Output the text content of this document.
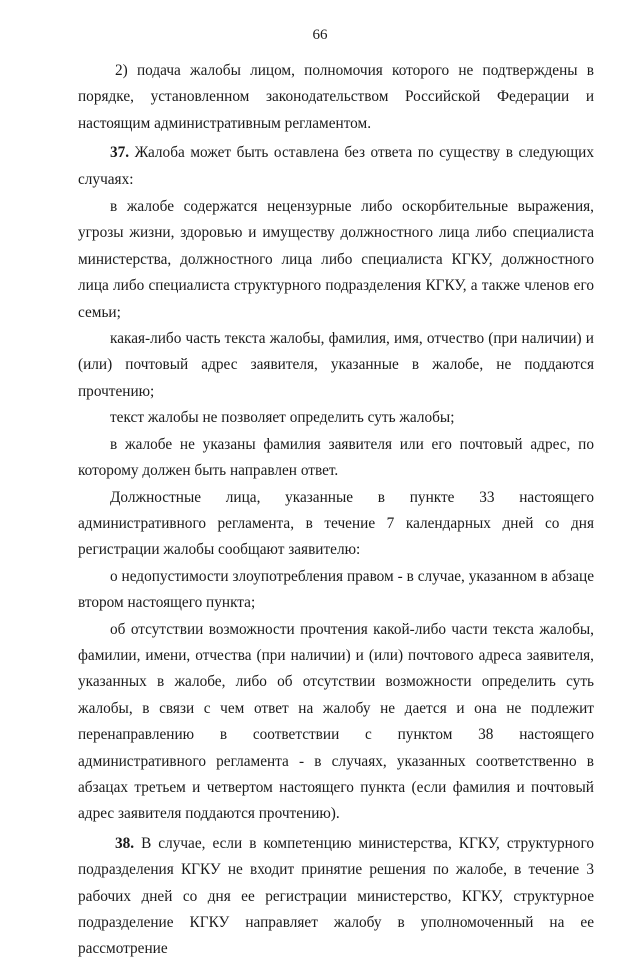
66

2) подача жалобы лицом, полномочия которого не подтверждены в порядке, установленном законодательством Российской Федерации и настоящим административным регламентом.

37. Жалоба может быть оставлена без ответа по существу в следующих случаях:

в жалобе содержатся нецензурные либо оскорбительные выражения, угрозы жизни, здоровью и имуществу должностного лица либо специалиста министерства, должностного лица либо специалиста КГКУ, должностного лица либо специалиста структурного подразделения КГКУ, а также членов его семьи;

какая-либо часть текста жалобы, фамилия, имя, отчество (при наличии) и (или) почтовый адрес заявителя, указанные в жалобе, не поддаются прочтению;

текст жалобы не позволяет определить суть жалобы;

в жалобе не указаны фамилия заявителя или его почтовый адрес, по которому должен быть направлен ответ.

Должностные лица, указанные в пункте 33 настоящего административного регламента, в течение 7 календарных дней со дня регистрации жалобы сообщают заявителю:

о недопустимости злоупотребления правом - в случае, указанном в абзаце втором настоящего пункта;

об отсутствии возможности прочтения какой-либо части текста жалобы, фамилии, имени, отчества (при наличии) и (или) почтового адреса заявителя, указанных в жалобе, либо об отсутствии возможности определить суть жалобы, в связи с чем ответ на жалобу не дается и она не подлежит перенаправлению в соответствии с пунктом 38 настоящего административного регламента - в случаях, указанных соответственно в абзацах третьем и четвертом настоящего пункта (если фамилия и почтовый адрес заявителя поддаются прочтению).

38. В случае, если в компетенцию министерства, КГКУ, структурного подразделения КГКУ не входит принятие решения по жалобе, в течение 3 рабочих дней со дня ее регистрации министерство, КГКУ, структурное подразделение КГКУ направляет жалобу в уполномоченный на ее рассмотрение
